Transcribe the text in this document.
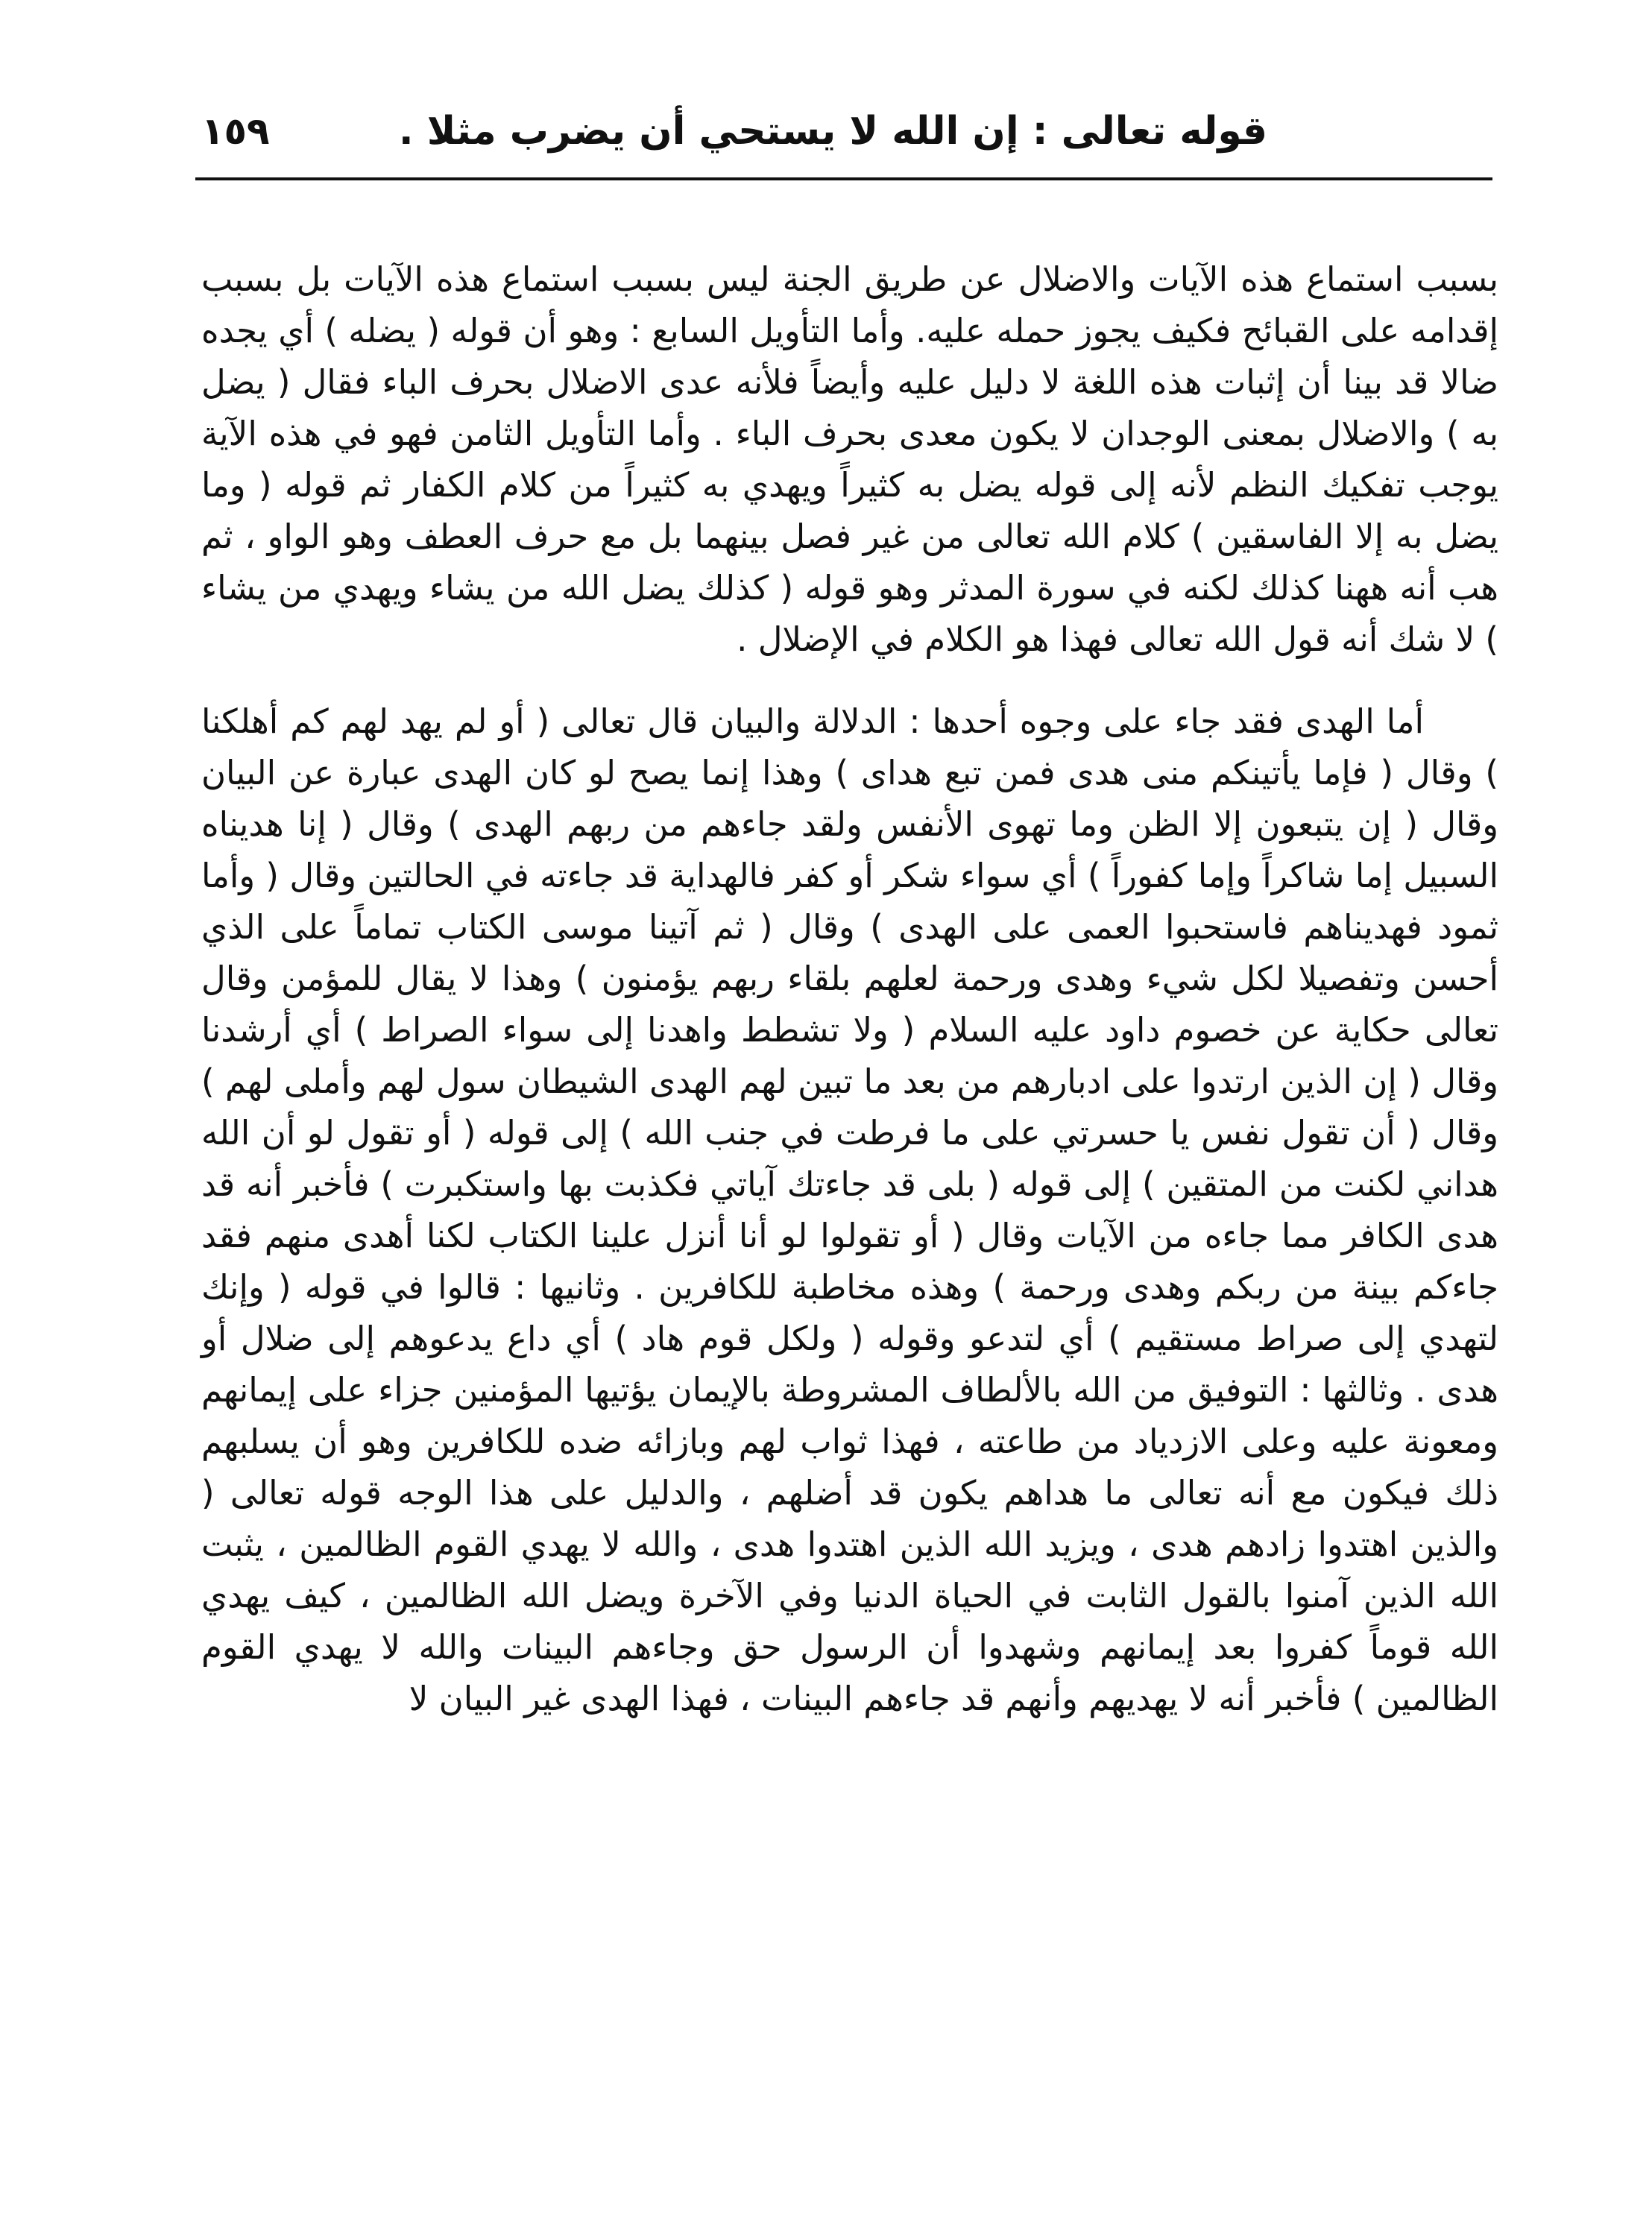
قوله تعالى : إن الله لا يستحي أن يضرب مثلا .
١٥٩

بسبب استماع هذه الآيات والاضلال عن طريق الجنة ليس بسبب استماع هذه الآيات بل بسبب إقدامه على القبائح فكيف يجوز حمله عليه. وأما التأويل السابع : وهو أن قوله ( يضله ) أي يجده ضالا قد بينا أن إثبات هذه اللغة لا دليل عليه وأيضاً فلأنه عدى الاضلال بحرف الباء فقال ( يضل به ) والاضلال بمعنى الوجدان لا يكون معدى بحرف الباء . وأما التأويل الثامن فهو في هذه الآية يوجب تفكيك النظم لأنه إلى قوله يضل به كثيراً ويهدي به كثيراً من كلام الكفار ثم قوله ( وما يضل به إلا الفاسقين ) كلام الله تعالى من غير فصل بينهما بل مع حرف العطف وهو الواو ، ثم هب أنه ههنا كذلك لكنه في سورة المدثر وهو قوله ( كذلك يضل الله من يشاء ويهدي من يشاء ) لا شك أنه قول الله تعالى فهذا هو الكلام في الإضلال .

أما الهدى فقد جاء على وجوه أحدها : الدلالة والبيان قال تعالى ( أو لم يهد لهم كم أهلكنا ) وقال ( فإما يأتينكم منى هدى فمن تبع هداى ) وهذا إنما يصح لو كان الهدى عبارة عن البيان وقال ( إن يتبعون إلا الظن وما تهوى الأنفس ولقد جاءهم من ربهم الهدى ) وقال ( إنا هديناه السبيل إما شاكراً وإما كفوراً ) أي سواء شكر أو كفر فالهداية قد جاءته في الحالتين وقال ( وأما ثمود فهديناهم فاستحبوا العمى على الهدى ) وقال ( ثم آتينا موسى الكتاب تماماً على الذي أحسن وتفصيلا لكل شيء وهدى ورحمة لعلهم بلقاء ربهم يؤمنون ) وهذا لا يقال للمؤمن وقال تعالى حكاية عن خصوم داود عليه السلام ( ولا تشطط واهدنا إلى سواء الصراط ) أي أرشدنا وقال ( إن الذين ارتدوا على ادبارهم من بعد ما تبين لهم الهدى الشيطان سول لهم وأملى لهم ) وقال ( أن تقول نفس يا حسرتي على ما فرطت في جنب الله ) إلى قوله ( أو تقول لو أن الله هداني لكنت من المتقين ) إلى قوله ( بلى قد جاءتك آياتي فكذبت بها واستكبرت ) فأخبر أنه قد هدى الكافر مما جاءه من الآيات وقال ( أو تقولوا لو أنا أنزل علينا الكتاب لكنا أهدى منهم فقد جاءكم بينة من ربكم وهدى ورحمة ) وهذه مخاطبة للكافرين . وثانيها : قالوا في قوله ( وإنك لتهدي إلى صراط مستقيم ) أي لتدعو وقوله ( ولكل قوم هاد ) أي داع يدعوهم إلى ضلال أو هدى . وثالثها : التوفيق من الله بالألطاف المشروطة بالإيمان يؤتيها المؤمنين جزاء على إيمانهم ومعونة عليه وعلى الازدياد من طاعته ، فهذا ثواب لهم وبازائه ضده للكافرين وهو أن يسلبهم ذلك فيكون مع أنه تعالى ما هداهم يكون قد أضلهم ، والدليل على هذا الوجه قوله تعالى ( والذين اهتدوا زادهم هدى ، ويزيد الله الذين اهتدوا هدى ، والله لا يهدي القوم الظالمين ، يثبت الله الذين آمنوا بالقول الثابت في الحياة الدنيا وفي الآخرة ويضل الله الظالمين ، كيف يهدي الله قوماً كفروا بعد إيمانهم وشهدوا أن الرسول حق وجاءهم البينات والله لا يهدي القوم الظالمين ) فأخبر أنه لا يهديهم وأنهم قد جاءهم البينات ، فهذا الهدى غير البيان لا
